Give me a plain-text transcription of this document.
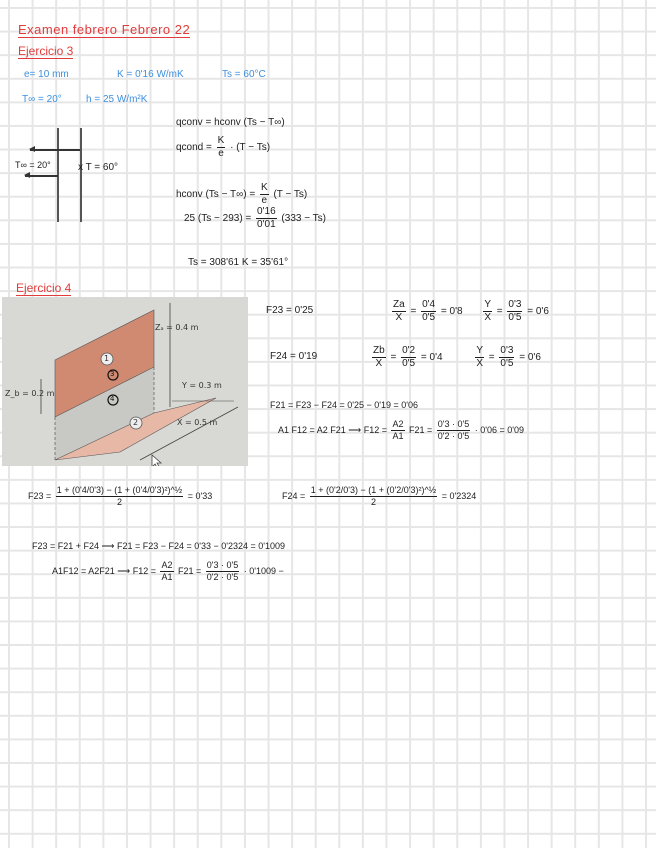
Examen febrero Febrero 22
Ejercicio 3
e= 10 mm	K = 0'16 W/mK	Ts = 60°C
T∞ = 20° h = 25 W/m²K
T∞ = 20°	x T = 60°
qconv = hconv (Ts − T∞)
qcond = $\frac{K}{e} \cdot (T - Ts)$
hconv $(Ts - T\infty) = \frac{K}{e} (T - Ts)$
25 $(Ts - 293) = \frac{0'16}{0'01} (333 - Ts)$
Ts = 308'61 K = 35'61°
Ejercicio 4
Zₐ = 0.4 m
Z_b = 0.2 m
Y = 0.3 m
X = 0.5 m
1
2
3
4
F23 = 0'25	$\frac{Za}{X} = \frac{0'4}{0'5} = 0'8 \frac{Y}{X} = \frac{0'3}{0'5} = 0'6$
F24 = 0'19	$\frac{Zb}{X} = \frac{0'2}{0'5} = 0'4$	$\frac{Y}{X} = \frac{0'3}{0'5} = 0'6$
F21 = F23 − F24 = 0'25 − 0'19 = 0'06
A1 F12 = A2 F21 ⟶ $F12 = \frac{A2}{A1} F21 = \frac{0'3 \cdot 0'5}{0'2 \cdot 0'5} \cdot 0'06 = 0'09$
$F23 = \frac{\text{1 + (0'4/0'3) − (1 + (0'4/0'3)²)\textasciicircum{}½}}{2} = 0'33$	$F24 = \frac{\text{1 + (0'2/0'3) − (1 + (0'2/0'3)²)\textasciicircum{}½}}{2} = 0'2324$
F23 = F21 + F24 ⟶ F21 = F23 − F24 = 0'33 − 0'2324 = 0'1009
A1F12 = A2F21 ⟶ $F12 = \frac{A2}{A1} F21 = \frac{0'3 \cdot 0'5}{0'2 \cdot 0'5} \cdot 0'1009$ −
